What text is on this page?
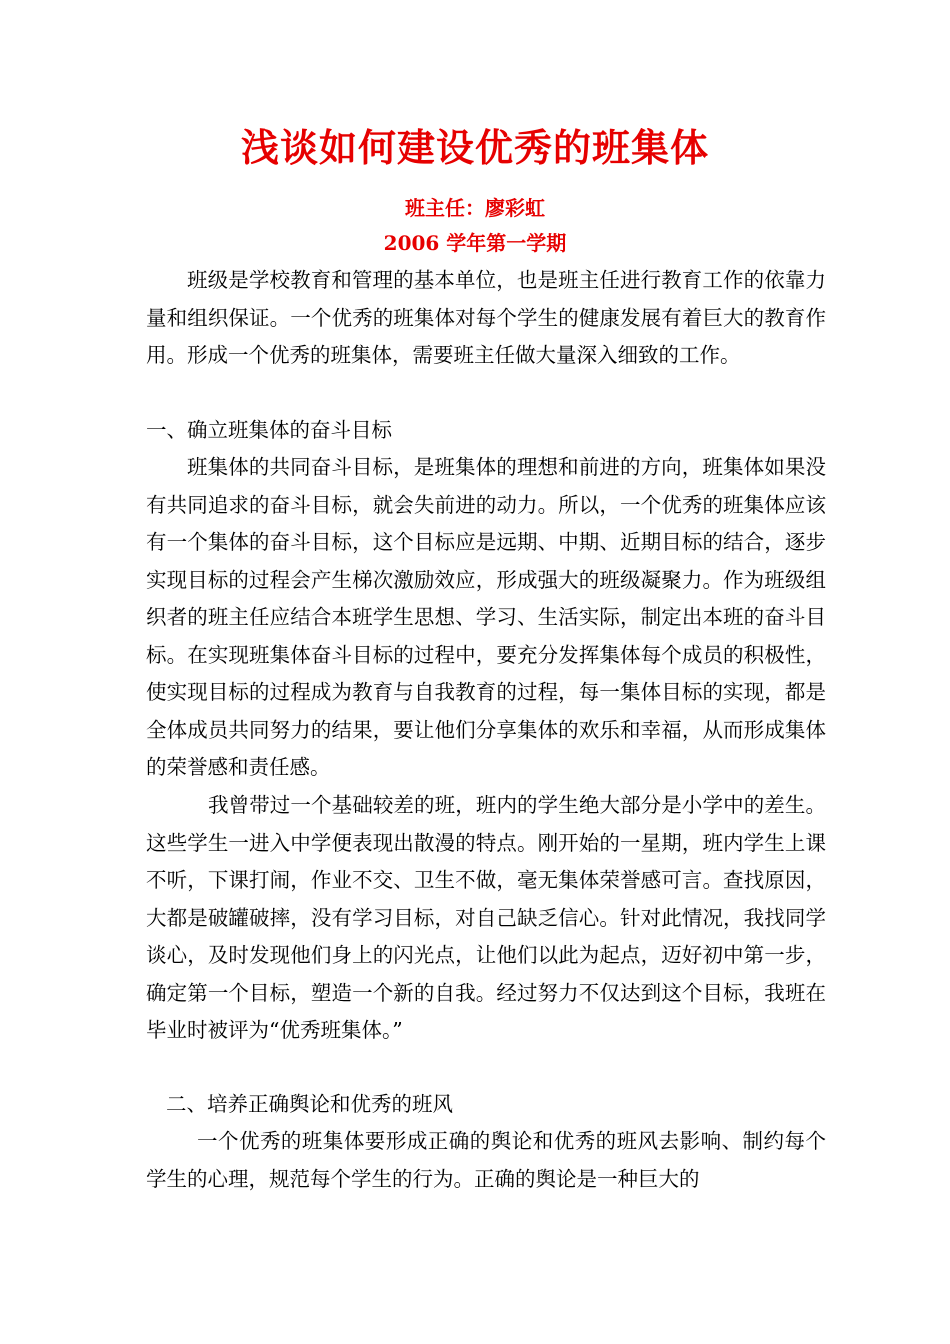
浅谈如何建设优秀的班集体

班主任：廖彩虹

2006 学年第一学期

班级是学校教育和管理的基本单位，也是班主任进行教育工作的依靠力量和组织保证。一个优秀的班集体对每个学生的健康发展有着巨大的教育作用。形成一个优秀的班集体，需要班主任做大量深入细致的工作。

一、确立班集体的奋斗目标

班集体的共同奋斗目标，是班集体的理想和前进的方向，班集体如果没有共同追求的奋斗目标，就会失前进的动力。所以，一个优秀的班集体应该有一个集体的奋斗目标，这个目标应是远期、中期、近期目标的结合，逐步实现目标的过程会产生梯次激励效应，形成强大的班级凝聚力。作为班级组织者的班主任应结合本班学生思想、学习、生活实际，制定出本班的奋斗目标。在实现班集体奋斗目标的过程中，要充分发挥集体每个成员的积极性，使实现目标的过程成为教育与自我教育的过程，每一集体目标的实现，都是全体成员共同努力的结果，要让他们分享集体的欢乐和幸福，从而形成集体的荣誉感和责任感。

我曾带过一个基础较差的班，班内的学生绝大部分是小学中的差生。这些学生一进入中学便表现出散漫的特点。刚开始的一星期，班内学生上课不听，下课打闹，作业不交、卫生不做，毫无集体荣誉感可言。查找原因，大都是破罐破摔，没有学习目标，对自己缺乏信心。针对此情况，我找同学谈心，及时发现他们身上的闪光点，让他们以此为起点，迈好初中第一步，确定第一个目标，塑造一个新的自我。经过努力不仅达到这个目标，我班在毕业时被评为“优秀班集体。”

二、培养正确舆论和优秀的班风

一个优秀的班集体要形成正确的舆论和优秀的班风去影响、制约每个学生的心理，规范每个学生的行为。正确的舆论是一种巨大的
